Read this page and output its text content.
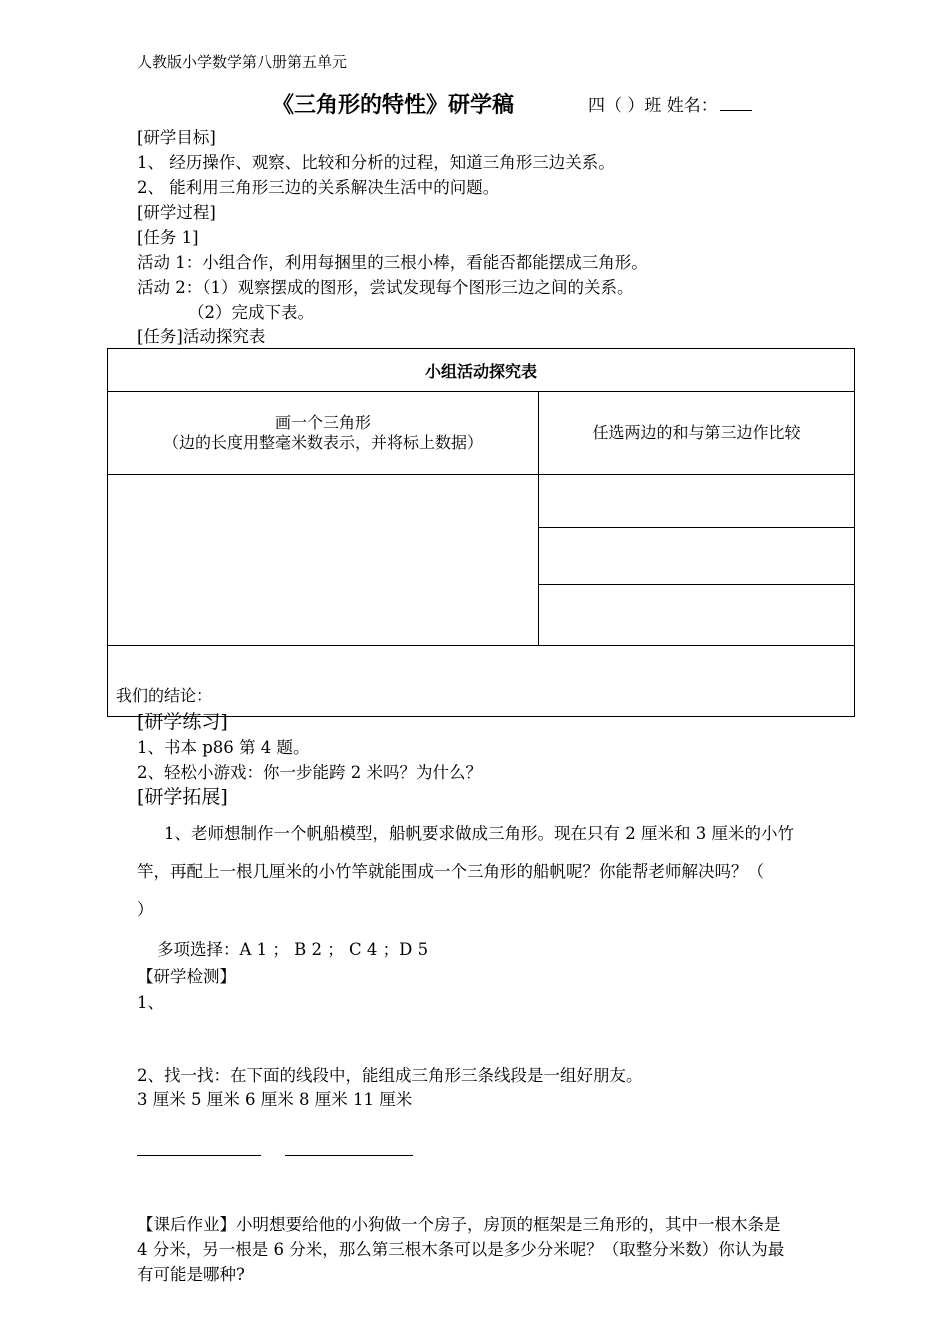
人教版小学数学第八册第五单元
《三角形的特性》研学稿	四（ ）班 姓名：
[研学目标]
1、 经历操作、观察、比较和分析的过程，知道三角形三边关系。
2、 能利用三角形三边的关系解决生活中的问题。
[研学过程]
[任务 1]
活动 1：小组合作，利用每捆里的三根小棒，看能否都能摆成三角形。
活动 2：（1）观察摆成的图形，尝试发现每个图形三边之间的关系。
（2）完成下表。
[任务]活动探究表
小组活动探究表	

画一个三角形
（边的长度用整毫米数表示，并将标上数据）	任选两边的和与第三边作比较

我们的结论：	
[研学练习]
1、书本 p86 第 4 题。
2、轻松小游戏：你一步能跨 2 米吗？为什么？
[研学拓展]
1、老师想制作一个帆船模型，船帆要求做成三角形。现在只有 2 厘米和 3 厘米的小竹
竿，再配上一根几厘米的小竹竿就能围成一个三角形的船帆呢？你能帮老师解决吗？（
）
多项选择：A 1 ； B 2 ； C 4 ；D 5
【研学检测】
1、
2、找一找：在下面的线段中，能组成三角形三条线段是一组好朋友。
3 厘米 5 厘米 6 厘米 8 厘米 11 厘米
【课后作业】小明想要给他的小狗做一个房子，房顶的框架是三角形的，其中一根木条是
4 分米，另一根是 6 分米，那么第三根木条可以是多少分米呢？（取整分米数）你认为最
有可能是哪种?
